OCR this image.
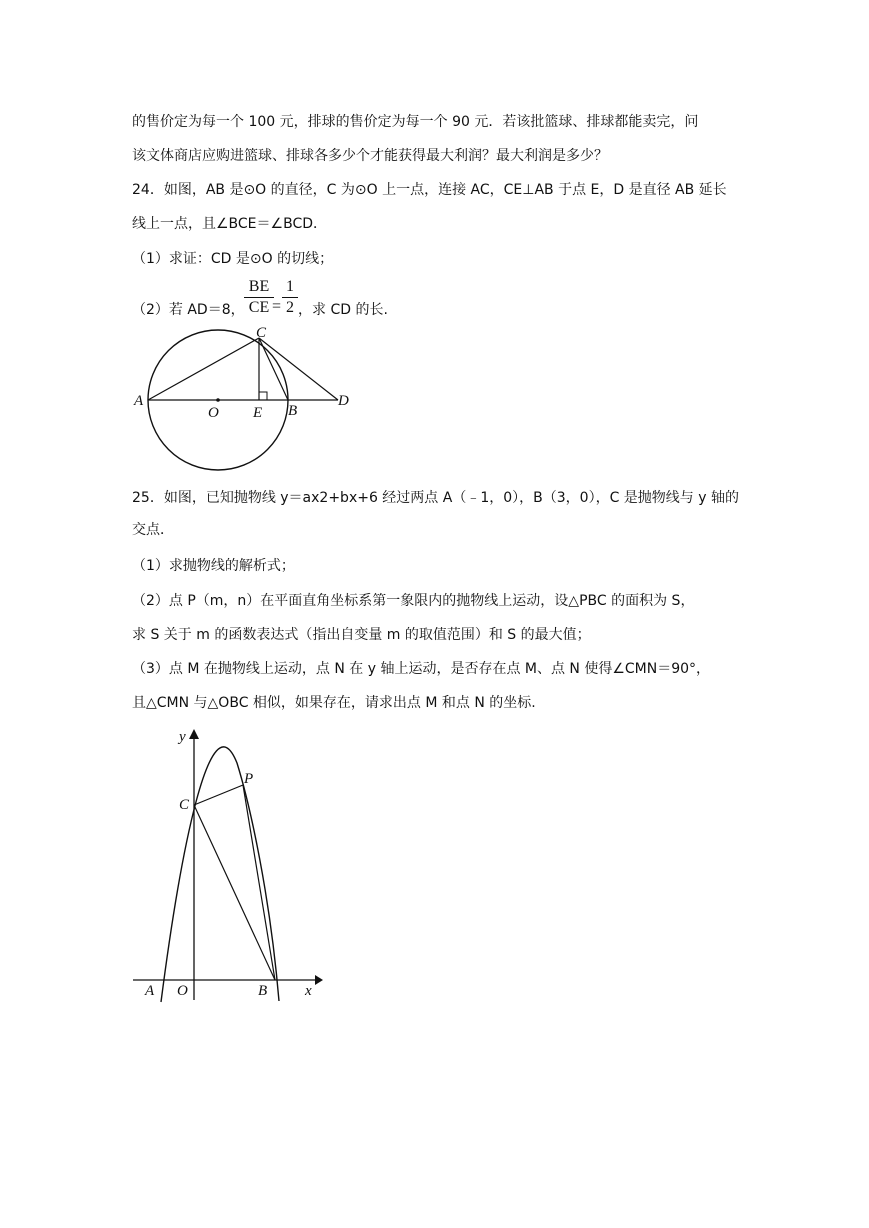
的售价定为每一个 100 元，排球的售价定为每一个 90 元．若该批篮球、排球都能卖完，问
该文体商店应购进篮球、排球各多少个才能获得最大利润？最大利润是多少？
24．如图，AB 是⊙O 的直径，C 为⊙O 上一点，连接 AC，CE⊥AB 于点 E，D 是直径 AB 延长
线上一点，且∠BCE＝∠BCD．
（1）求证：CD 是⊙O 的切线；
（2）若 AD＝8，
BE
CE =
1
2 ，求 CD 的长.
C
A
O E B
D
25．如图，已知抛物线 y＝ax2+bx+6 经过两点 A（﹣1，0），B（3，0），C 是抛物线与 y 轴的
交点．
（1）求抛物线的解析式；
（2）点 P（m，n）在平面直角坐标系第一象限内的抛物线上运动，设△PBC 的面积为 S，
求 S 关于 m 的函数表达式（指出自变量 m 的取值范围）和 S 的最大值；
（3）点 M 在抛物线上运动，点 N 在 y 轴上运动，是否存在点 M、点 N 使得∠CMN＝90°，
且△CMN 与△OBC 相似，如果存在，请求出点 M 和点 N 的坐标.
y
x
C
P
A O	B
